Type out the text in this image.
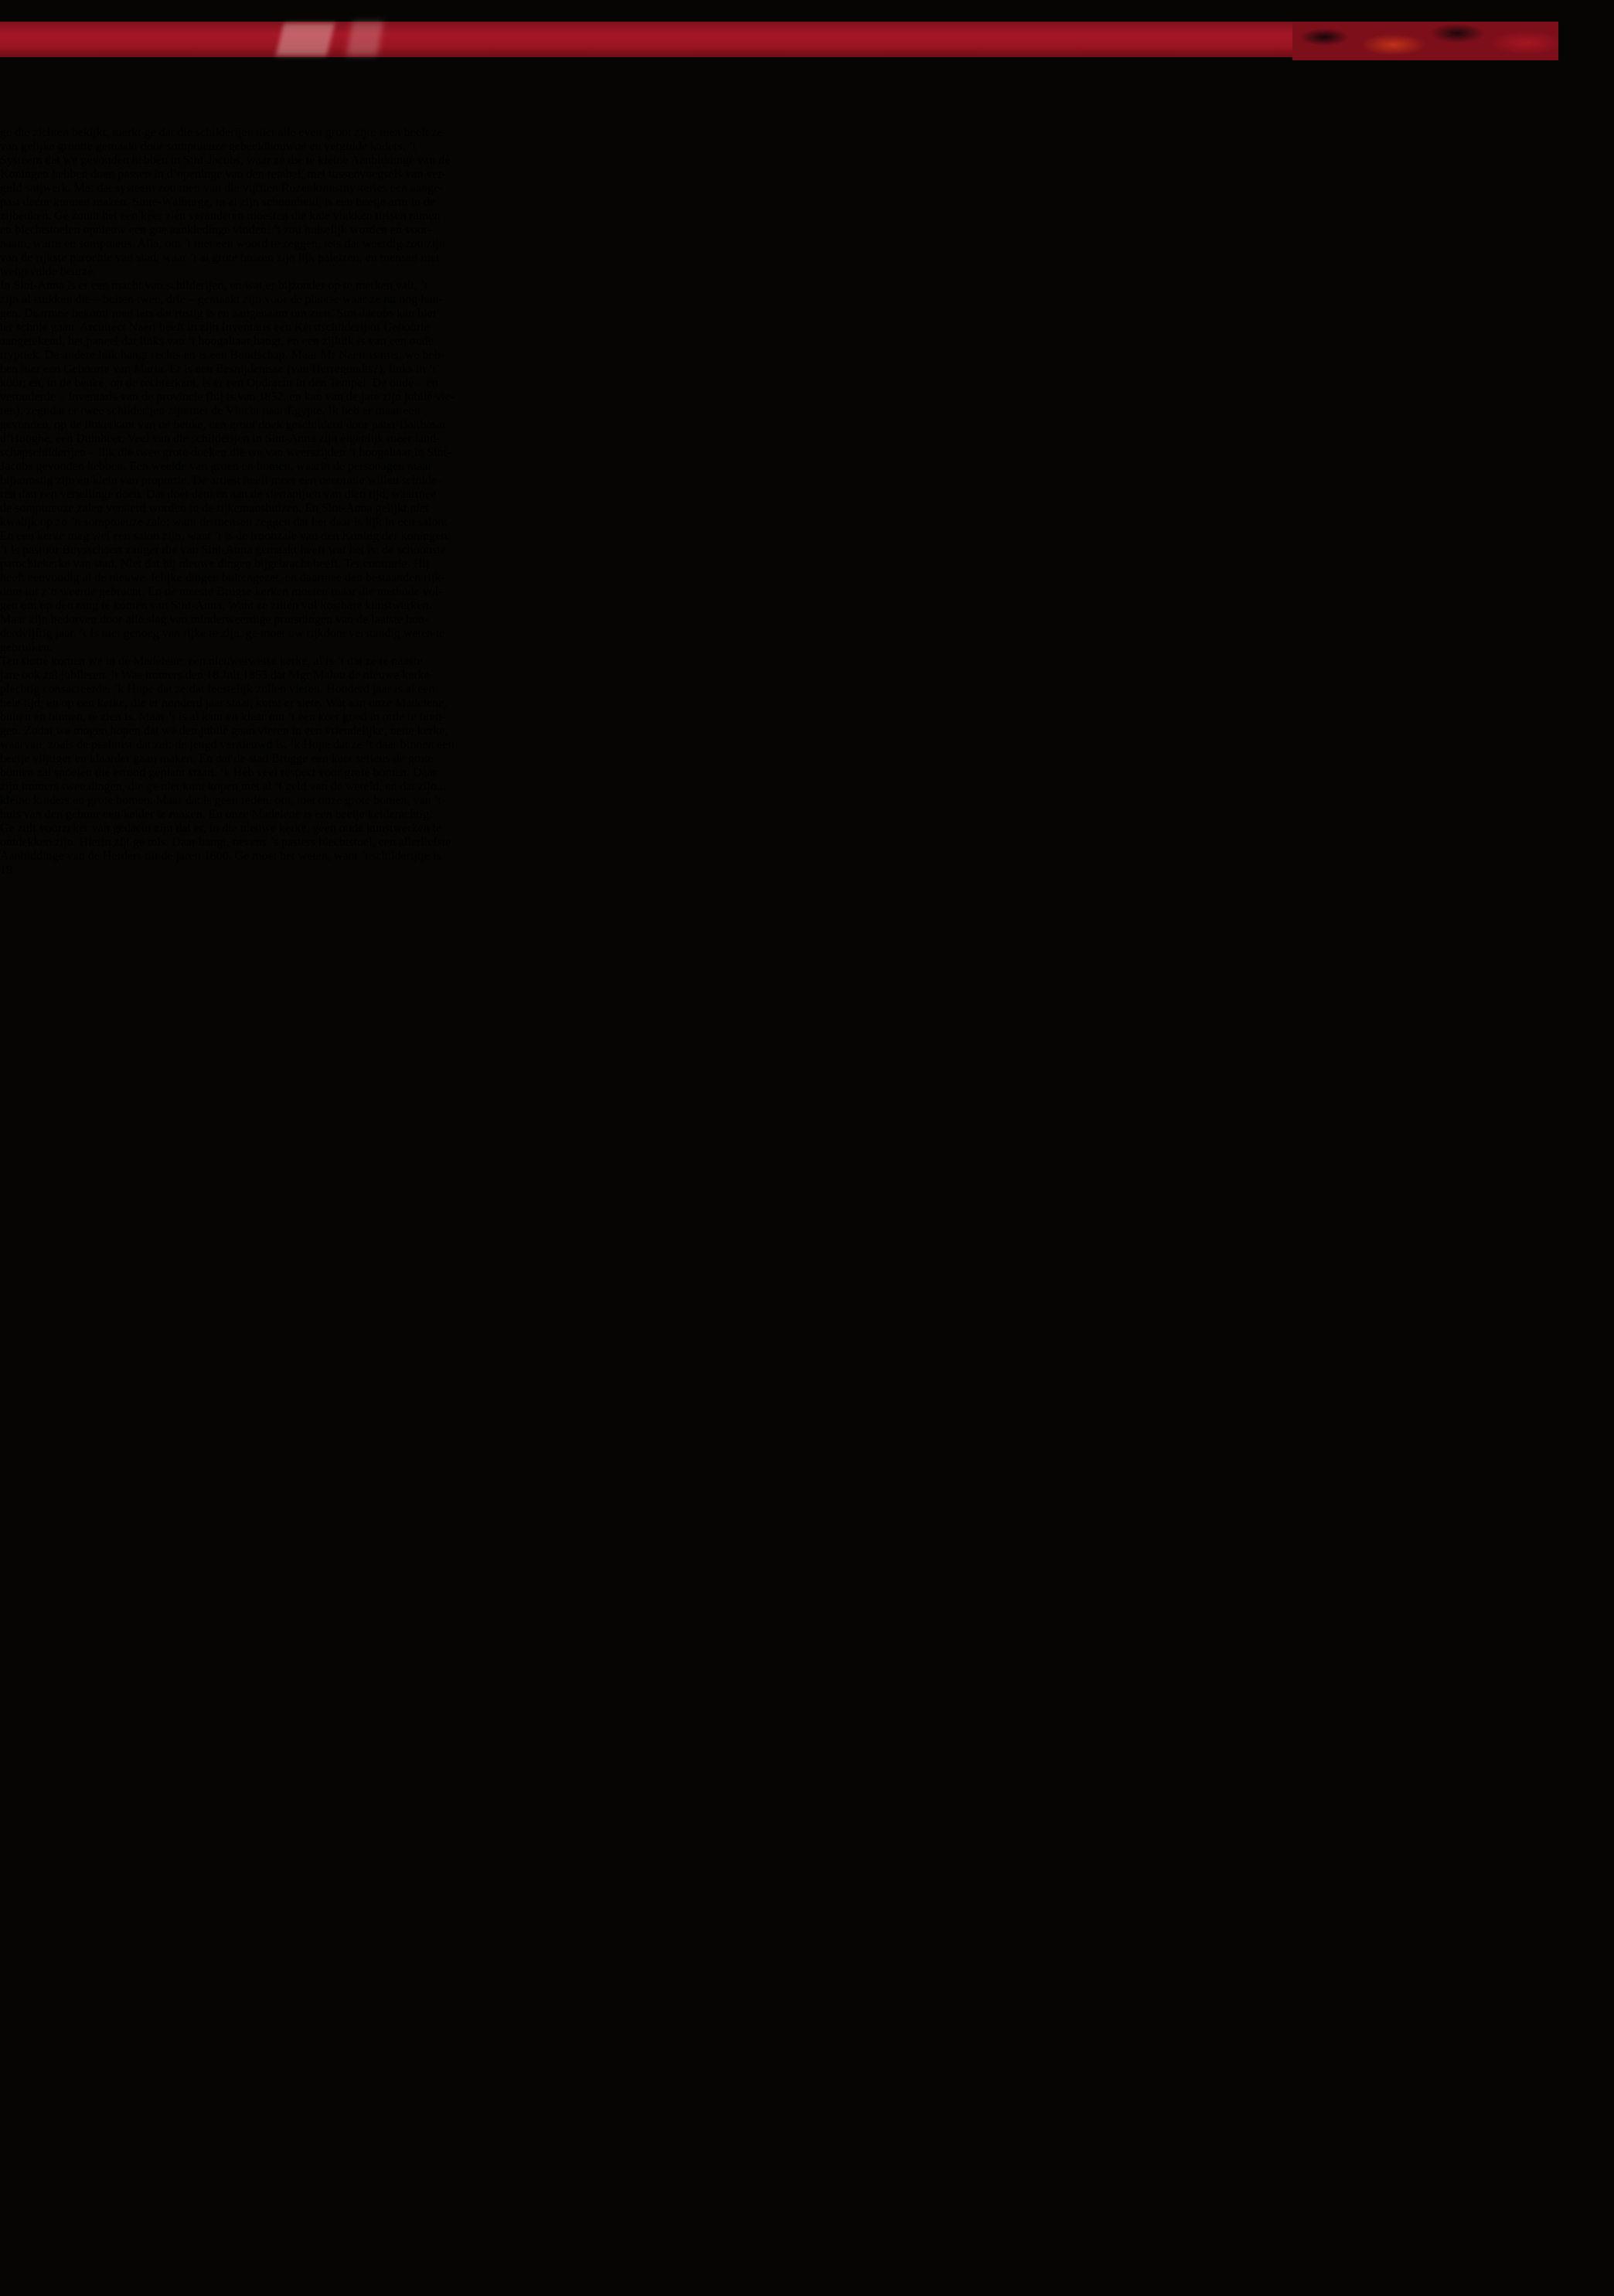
ge die zichten bekijkt, merkt ge dat die schilderijen niet alle even groot zijn: men heeft ze
van gelijke grootte gemaakt door somptueuze gebeeldhouwde en vergulde kaders. ’t
Systeem dat we gevonden hebben in Sint-Jacobs, waar ze die te kleine Aanbiddinge van de
Koningen hebben doen passen in d’openinge van den retabel, met tussenvoegsels van ver-
guld snijwerk. Met dat systeem zou men van die vijftien Rozenkransmysteries een aange-
past decor kunnen maken. Sinte-Walburge, in al zijn schoonheid, is een beetje arm in de
zijbeuken. Ge zoudt het een keer zien veranderen moesten die kale vlakken tussen ramen
en biechtstoelen opnieuw een goe aankledinge vinden: ’t zou huiselijk worden en voor-
naam, warm en somptueus. Alla, om ’t met een woord te zeggen, iets dat weerdig zou zijn
van de rijkste parochie van stad, waar ’t al grote huizen zijn lijk paleizen, en mensen met
welgevulde beurze.
In Sint-Anna is er een macht van schilderijen, en wat er bijzonder op te merken valt, ’t
zijn al stukken die – buiten twee, drie – gemaakt zijn voor de plaatse waar ze nu nog han-
gen. Daarmee bekomt men iets dat rustig is en aangenaam om zien. Sint-Jacobs kan hier
ter schole gaan. Architect Naert heeft in zijn Inventaris een Kerstschilderij of Geboorte
aangetekend, het paneel dat links van ’t hoogaltaar hangt, en een zijluik is van een oude
tryptiek. De andere luik hangt rechts en is een Boodschap. Maar Mr Naert is mis; we heb-
ben hier een Geboorte van Maria. Er is een Besnijdenisse (van Herregoudts?), links in ’t
koor; en, in de beuke, op de rechterkant, is er een Opdracht in den Tempel. De oude – en
verouderde – Inventaris van de provincie (hij is van 1852, en kan van de jare zijn jubilé vie-
ren), zegt dat er twee schilderijen zijn met de Vlucht naar Egypte. Ik heb er maar een
gevonden, op de linkerkant van de beuke, een groot doek geschilderd door pater Balthasar
d’Hooghe, een Duinheer. Veel van die schilderijen in Sint-Anna zijn eigenlijk meer land-
schapschilderijen – lijk die twee grote doeken die we van weerszijden ’t hoogaltaar in Sint-
Jacobs gevonden hebben. Een weelde van groen en bomen, waarin de personagen maar
bijkomstig zijn en klein van proportie. De artiest heeft meer een decoratie willen schilde-
ren dan een vertellinge doen. Dat doet denken aan de siertapijten van dien tijd, waarmee
de somptueuze zalen versierd worden in de rijkemanshuizen. En Sint-Anna gelijkt niet
kwalijk op zo ’n somptueuze zale; want de mensen zeggen dat het daar is lijk in een salon.
En een kerke mag wel een salon zijn, want ’t is de troonzale van den Koning der koningen.
’t Is pastoor Buysschaert zaliger die van Sint-Anna gemaakt heeft wat het is: de schoonste
parochiekerke van stad. Niet dat hij nieuwe dingen bijgebracht heeft. Ter contrarie. Hij
heeft eenvoudig al de nieuwe, lelijke dingen buitengezet, en daarmee den bestaanden rijk-
dom tot z’n weerde gebracht. En de meeste Brugse kerken moeten maar die methòde vol-
gen om op den rang te komen van Sint-Anna. Want ze zitten vol kostbare kunstwerken.
Maar zijn bedorven door alle slag van minderweerdige prutsdingen van de laatste hon-
derdvijftig jaar. ’t Is niet genoeg van rijke te zijn, ge moet uw rijkdom verstandig weten te
gebruiken.
Ten slotte komen we in de Madelene: een nieuwerwetse kerke, al is ’t dat ze te naaste
jare ook zal jubileren. ’t Was immers den 18 Juli 1853 dat Mgr Malou de nieuwe kerke
plechtig consacreerde. ’k Hope dat ze dat feestelijk zullen vieren. Honderd jaar is al een
hele tijd; en op een kerke, die er honderd jaar staat, komt er slete. Wat aan onze Madelene,
buiten en binnen, te zien is. Maar ’t is al kant en klaar om ’t een keer goed in orde te bren-
gen. Zodat we mogen hopen dat we den jubilé gaan vieren in een vriendelijke, nette kerke,
waarvan, zoals de psalmist dat zei: de jeugd vernieuwd is. ’k Hope dat ze ’t daar binnen een
beetje vlijtiger en klaarder gaan maken. En dat de stad Brugge een keer serieus de grote
bomen zal snoeien die errond geplant staan. ’k Heb veel respect voor grote bomen. Daar
zijn immers twee dingen, die ge niet kunt kopen met al ’t geld van de wereld, en dat zijn...
kleine kinders en grote bomen. Maar dat is geen reden, om, met onze grote bomen, van ’t
huis van den gebuur een kelder te maken. En onze Madelene is een beetje kelderachtig.
Ge zult voorzeker van gedacht zijn dat er, in die nieuwe kerke, geen oude kunstwerken te
ontdekken zijn. Hierin zijt ge mis. Daar hangt, nevens ’s pasters biechtstoel, een allerliefste
Aanbiddinge van de Herders uit de jaren 1600. Ge moet het weten, want ’t schilderijtje is
19
